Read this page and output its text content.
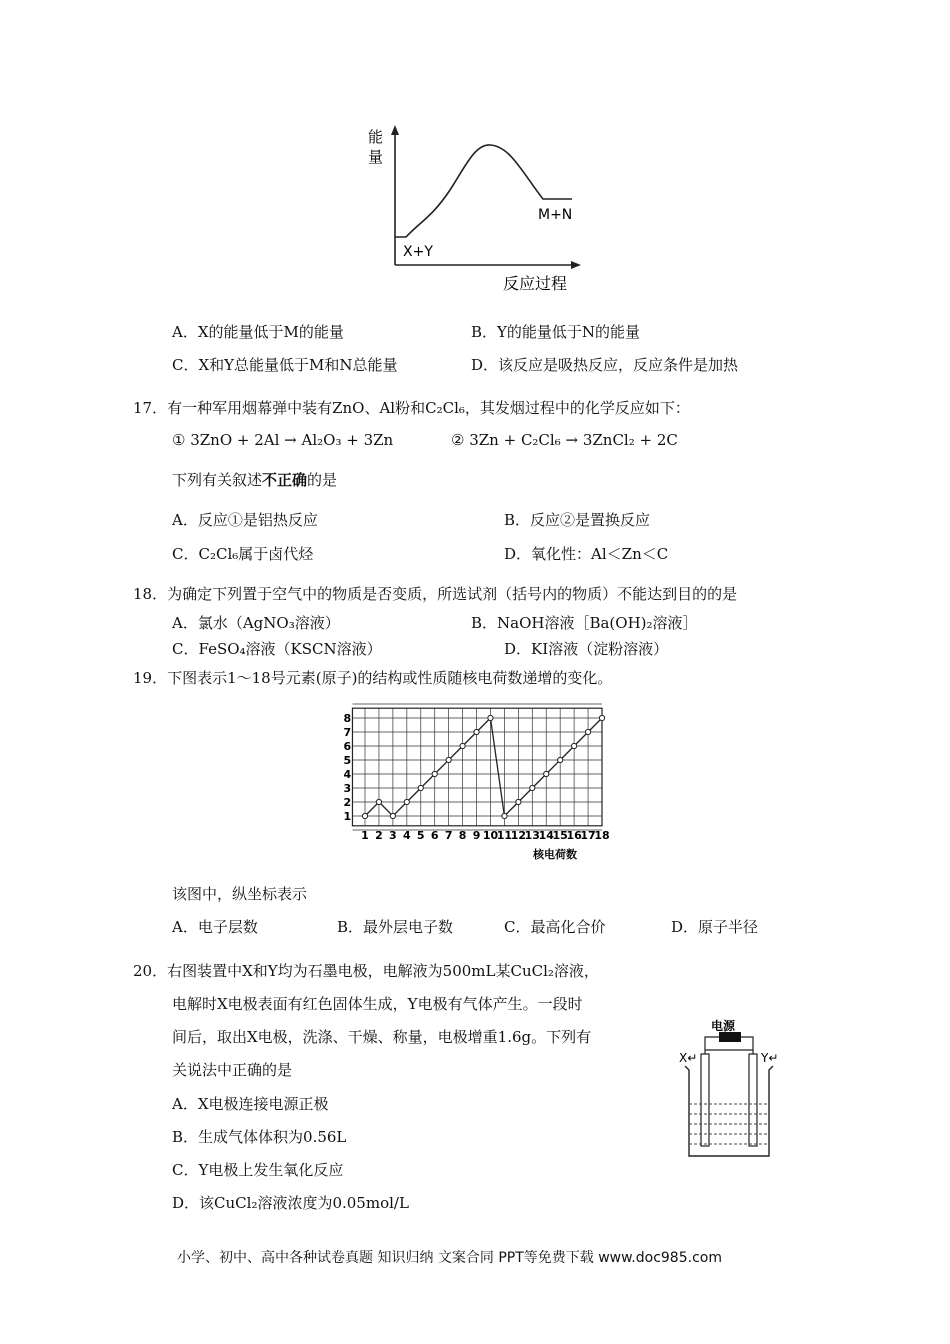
能
量
X+Y
M+N
反应过程
A．X的能量低于M的能量	B．Y的能量低于N的能量
C．X和Y总能量低于M和N总能量	D．该反应是吸热反应，反应条件是加热
17．有一种军用烟幕弹中装有ZnO、Al粉和C₂Cl₆，其发烟过程中的化学反应如下：
① 3ZnO + 2Al → Al₂O₃ + 3Zn	② 3Zn + C₂Cl₆ → 3ZnCl₂ + 2C
下列有关叙述不正确的是
A．反应①是铝热反应	B．反应②是置换反应
C．C₂Cl₆属于卤代烃	D．氧化性：Al＜Zn＜C
18．为确定下列置于空气中的物质是否变质，所选试剂（括号内的物质）不能达到目的的是
A．氯水（AgNO₃溶液）	B．NaOH溶液［Ba(OH)₂溶液］
C．FeSO₄溶液（KSCN溶液）	D．KI溶液（淀粉溶液）
19．下图表示1～18号元素(原子)的结构或性质随核电荷数递增的变化。
1
2
3
4
5
6
7
8
1 2 3 4 5 6 7 8 9 10
11
12
13
14
15
16
17
18
核电荷数
该图中，纵坐标表示
A．电子层数	B．最外层电子数	C．最高化合价	D．原子半径
20．右图装置中X和Y均为石墨电极，电解液为500mL某CuCl₂溶液，
电解时X电极表面有红色固体生成，Y电极有气体产生。一段时
间后，取出X电极，洗涤、干燥、称量，电极增重1.6g。下列有
关说法中正确的是
A．X电极连接电源正极
B．生成气体体积为0.56L
C．Y电极上发生氧化反应
D．该CuCl₂溶液浓度为0.05mol/L
电源
X↵	Y↵
小学、初中、高中各种试卷真题 知识归纳 文案合同 PPT等免费下载 www.doc985.com
